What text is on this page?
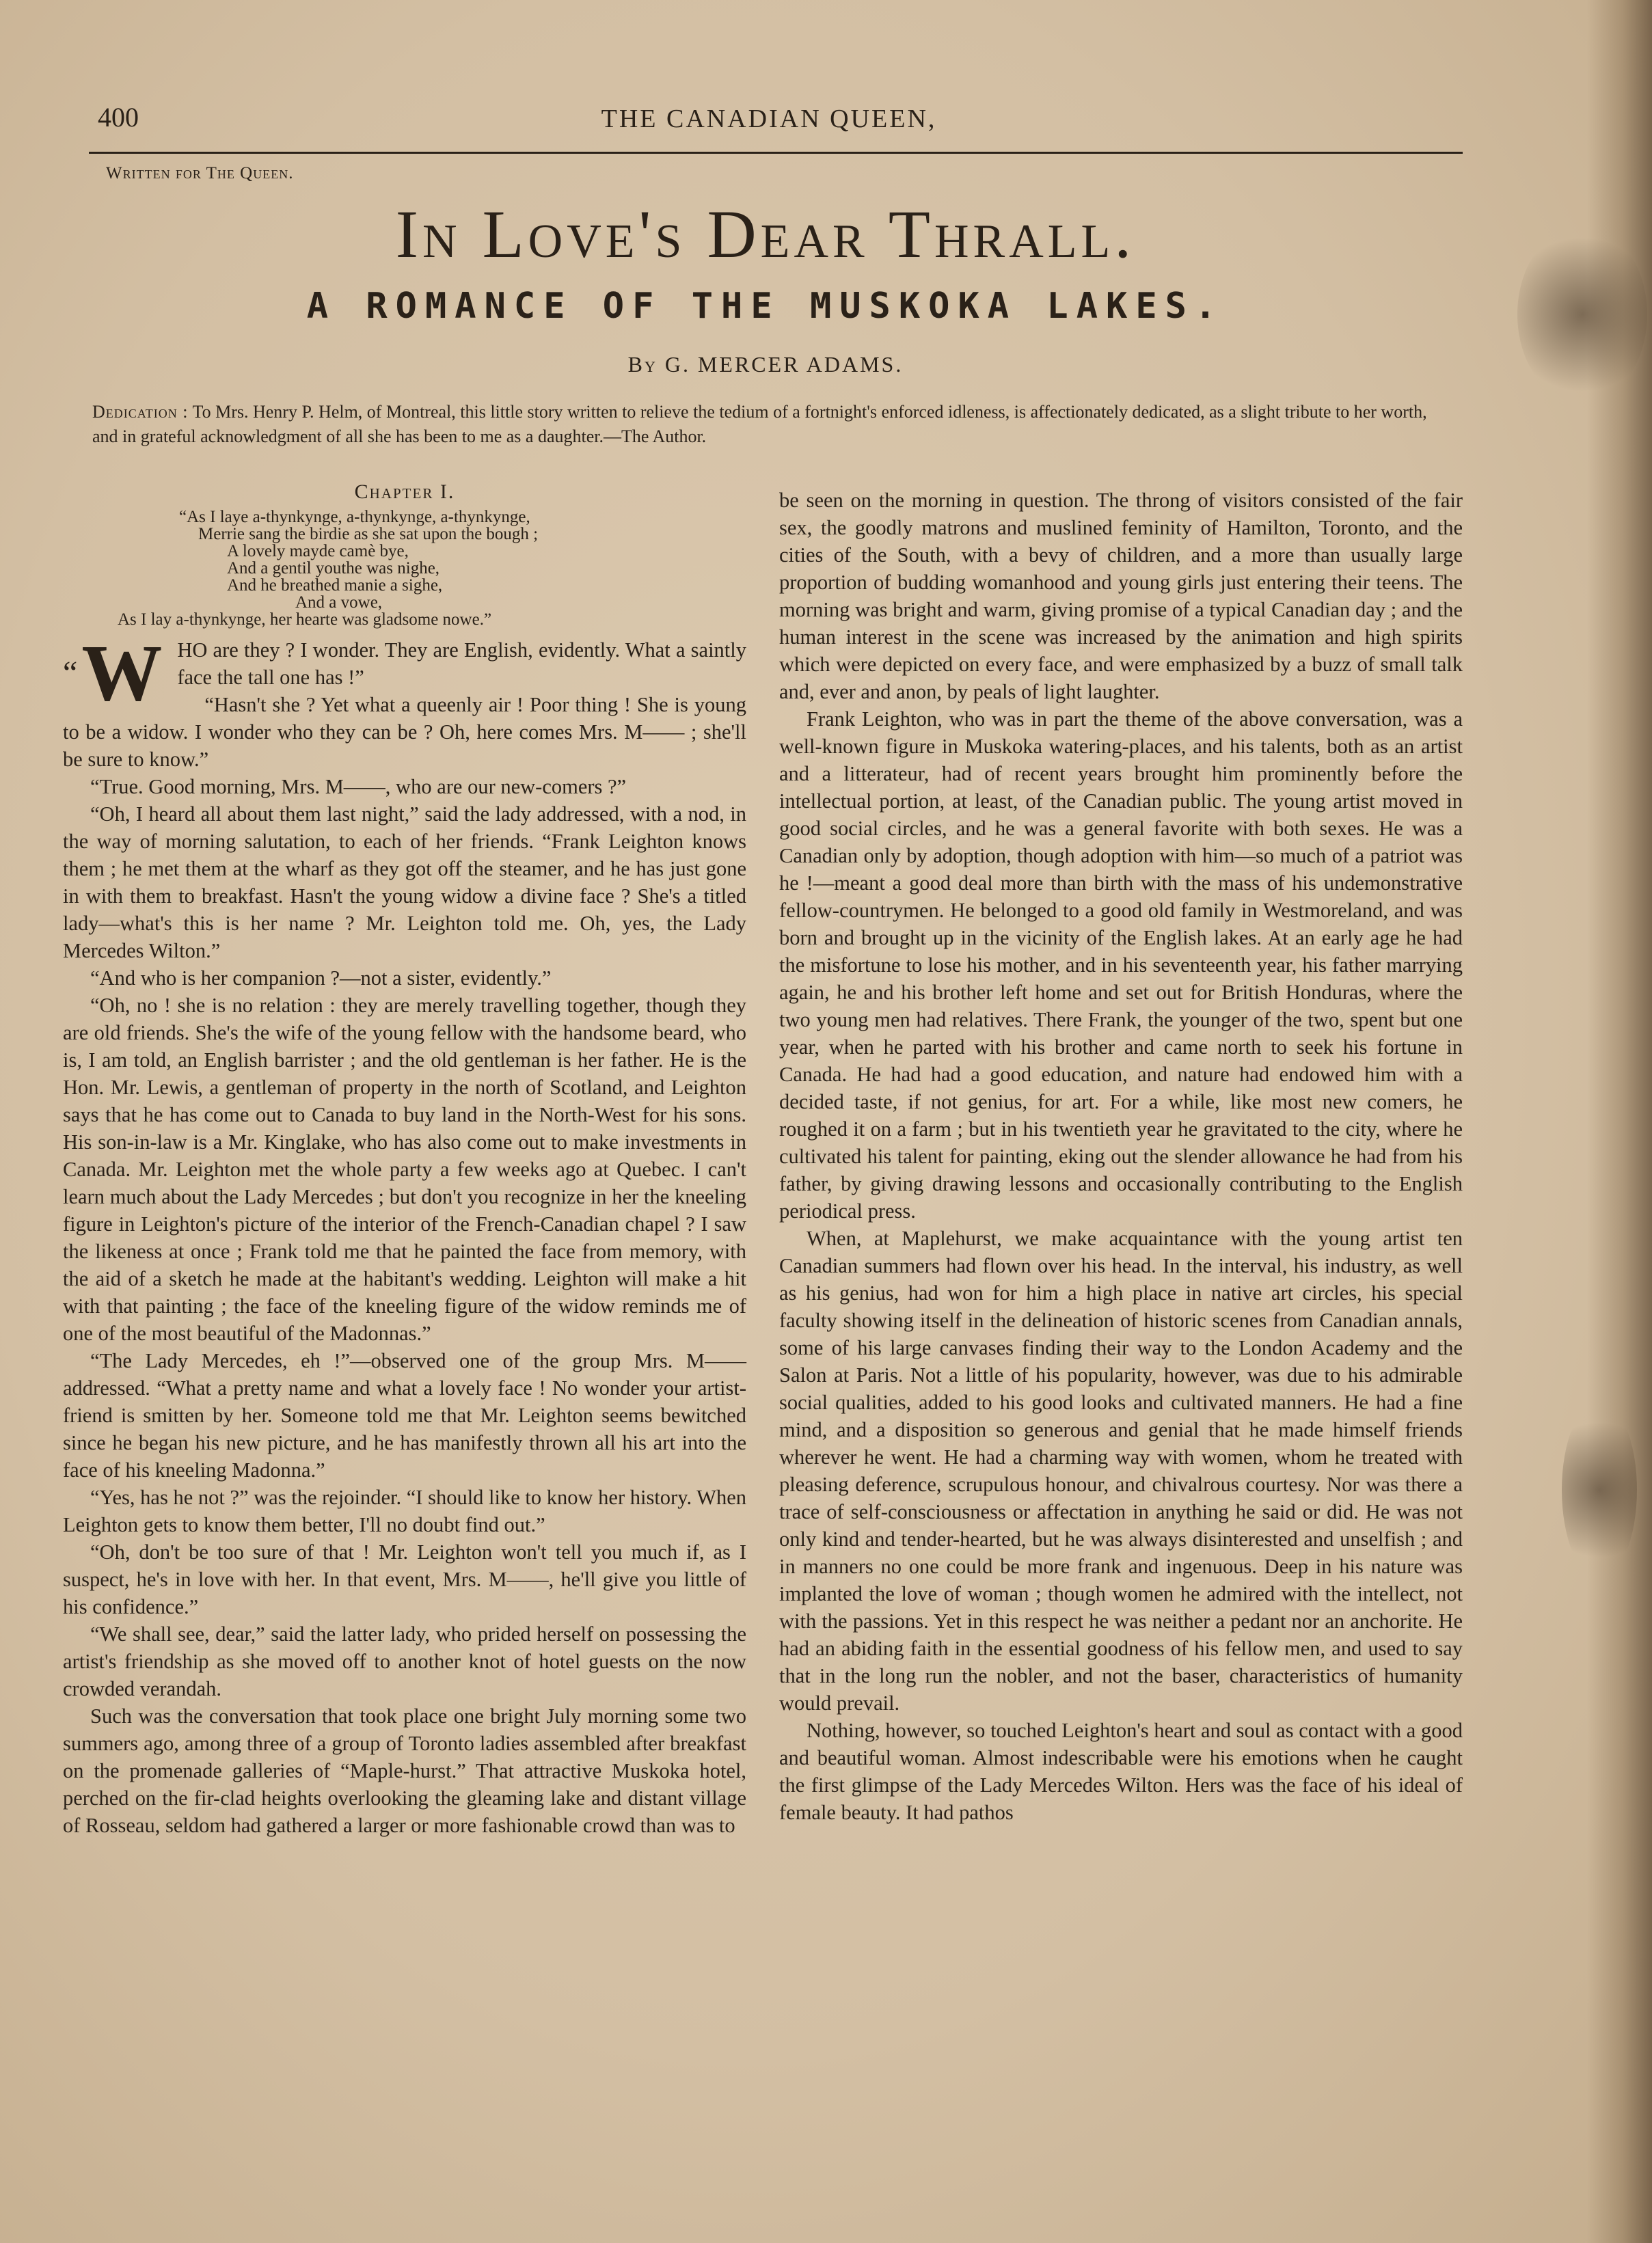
400	THE CANADIAN QUEEN,
Written for The Queen.
In Love's Dear Thrall.
A ROMANCE OF THE MUSKOKA LAKES.
By G. MERCER ADAMS.
Dedication : To Mrs. Henry P. Helm, of Montreal, this little story written to relieve the tedium of a fortnight's enforced idleness, is affectionately dedicated, as a slight tribute to her worth, and in grateful acknowledgment of all she has been to me as a daughter.—The Author.
Chapter I.
“As I laye a-thynkynge, a-thynkynge, a-thynkynge,
Merrie sang the birdie as she sat upon the bough ;
A lovely mayde camè bye,
And a gentil youthe was nighe,
And he breathed manie a sighe,
And a vowe,
As I lay a-thynkynge, her hearte was gladsome nowe.”

“W HO are they ? I wonder. They are English, evidently. What a saintly face the tall one has !”

“Hasn't she ? Yet what a queenly air ! Poor thing ! She is young to be a widow. I wonder who they can be ? Oh, here comes Mrs. M—— ; she'll be sure to know.”

“True. Good morning, Mrs. M——, who are our new-comers ?”

“Oh, I heard all about them last night,” said the lady addressed, with a nod, in the way of morning salutation, to each of her friends. “Frank Leighton knows them ; he met them at the wharf as they got off the steamer, and he has just gone in with them to breakfast. Hasn't the young widow a divine face ? She's a titled lady—what's this is her name ? Mr. Leighton told me. Oh, yes, the Lady Mercedes Wilton.”

“And who is her companion ?—not a sister, evidently.”

“Oh, no ! she is no relation : they are merely travelling together, though they are old friends. She's the wife of the young fellow with the handsome beard, who is, I am told, an English barrister ; and the old gentleman is her father. He is the Hon. Mr. Lewis, a gentleman of property in the north of Scotland, and Leighton says that he has come out to Canada to buy land in the North-West for his sons. His son-in-law is a Mr. Kinglake, who has also come out to make investments in Canada. Mr. Leighton met the whole party a few weeks ago at Quebec. I can't learn much about the Lady Mercedes ; but don't you recognize in her the kneeling figure in Leighton's picture of the interior of the French-Canadian chapel ? I saw the likeness at once ; Frank told me that he painted the face from memory, with the aid of a sketch he made at the habitant's wedding. Leighton will make a hit with that painting ; the face of the kneeling figure of the widow reminds me of one of the most beautiful of the Madonnas.”

“The Lady Mercedes, eh !”—observed one of the group Mrs. M——addressed. “What a pretty name and what a lovely face ! No wonder your artist-friend is smitten by her. Someone told me that Mr. Leighton seems bewitched since he began his new picture, and he has manifestly thrown all his art into the face of his kneeling Madonna.”

“Yes, has he not ?” was the rejoinder. “I should like to know her history. When Leighton gets to know them better, I'll no doubt find out.”

“Oh, don't be too sure of that ! Mr. Leighton won't tell you much if, as I suspect, he's in love with her. In that event, Mrs. M——, he'll give you little of his confidence.”

“We shall see, dear,” said the latter lady, who prided herself on possessing the artist's friendship as she moved off to another knot of hotel guests on the now crowded verandah.

Such was the conversation that took place one bright July morning some two summers ago, among three of a group of Toronto ladies assembled after breakfast on the promenade galleries of “Maple-hurst.” That attractive Muskoka hotel, perched on the fir-clad heights overlooking the gleaming lake and distant village of Rosseau, seldom had gathered a larger or more fashionable crowd than was to

be seen on the morning in question. The throng of visitors consisted of the fair sex, the goodly matrons and muslined feminity of Hamilton, Toronto, and the cities of the South, with a bevy of children, and a more than usually large proportion of budding womanhood and young girls just entering their teens. The morning was bright and warm, giving promise of a typical Canadian day ; and the human interest in the scene was increased by the animation and high spirits which were depicted on every face, and were emphasized by a buzz of small talk and, ever and anon, by peals of light laughter.

Frank Leighton, who was in part the theme of the above conversation, was a well-known figure in Muskoka watering-places, and his talents, both as an artist and a litterateur, had of recent years brought him prominently before the intellectual portion, at least, of the Canadian public. The young artist moved in good social circles, and he was a general favorite with both sexes. He was a Canadian only by adoption, though adoption with him—so much of a patriot was he !—meant a good deal more than birth with the mass of his undemonstrative fellow-countrymen. He belonged to a good old family in Westmoreland, and was born and brought up in the vicinity of the English lakes. At an early age he had the misfortune to lose his mother, and in his seventeenth year, his father marrying again, he and his brother left home and set out for British Honduras, where the two young men had relatives. There Frank, the younger of the two, spent but one year, when he parted with his brother and came north to seek his fortune in Canada. He had had a good education, and nature had endowed him with a decided taste, if not genius, for art. For a while, like most new comers, he roughed it on a farm ; but in his twentieth year he gravitated to the city, where he cultivated his talent for painting, eking out the slender allowance he had from his father, by giving drawing lessons and occasionally contributing to the English periodical press.

When, at Maplehurst, we make acquaintance with the young artist ten Canadian summers had flown over his head. In the interval, his industry, as well as his genius, had won for him a high place in native art circles, his special faculty showing itself in the delineation of historic scenes from Canadian annals, some of his large canvases finding their way to the London Academy and the Salon at Paris. Not a little of his popularity, however, was due to his admirable social qualities, added to his good looks and cultivated manners. He had a fine mind, and a disposition so generous and genial that he made himself friends wherever he went. He had a charming way with women, whom he treated with pleasing deference, scrupulous honour, and chivalrous courtesy. Nor was there a trace of self-consciousness or affectation in anything he said or did. He was not only kind and tender-hearted, but he was always disinterested and unselfish ; and in manners no one could be more frank and ingenuous. Deep in his nature was implanted the love of woman ; though women he admired with the intellect, not with the passions. Yet in this respect he was neither a pedant nor an anchorite. He had an abiding faith in the essential goodness of his fellow men, and used to say that in the long run the nobler, and not the baser, characteristics of humanity would prevail.

Nothing, however, so touched Leighton's heart and soul as contact with a good and beautiful woman. Almost indescribable were his emotions when he caught the first glimpse of the Lady Mercedes Wilton. Hers was the face of his ideal of female beauty. It had pathos
